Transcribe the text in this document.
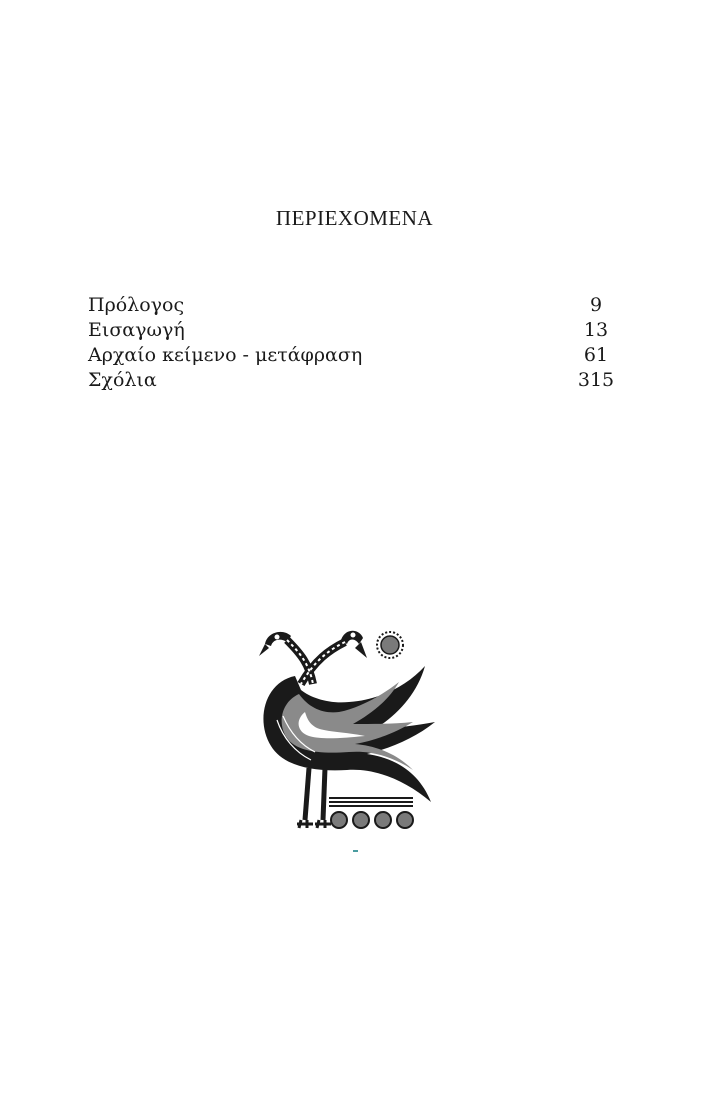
ΠΕΡΙΕΧΟΜΕΝΑ
Πρόλογος	9
Εισαγωγή	13
Αρχαίο κείμενο - μετάφραση	61
Σχόλια	315
